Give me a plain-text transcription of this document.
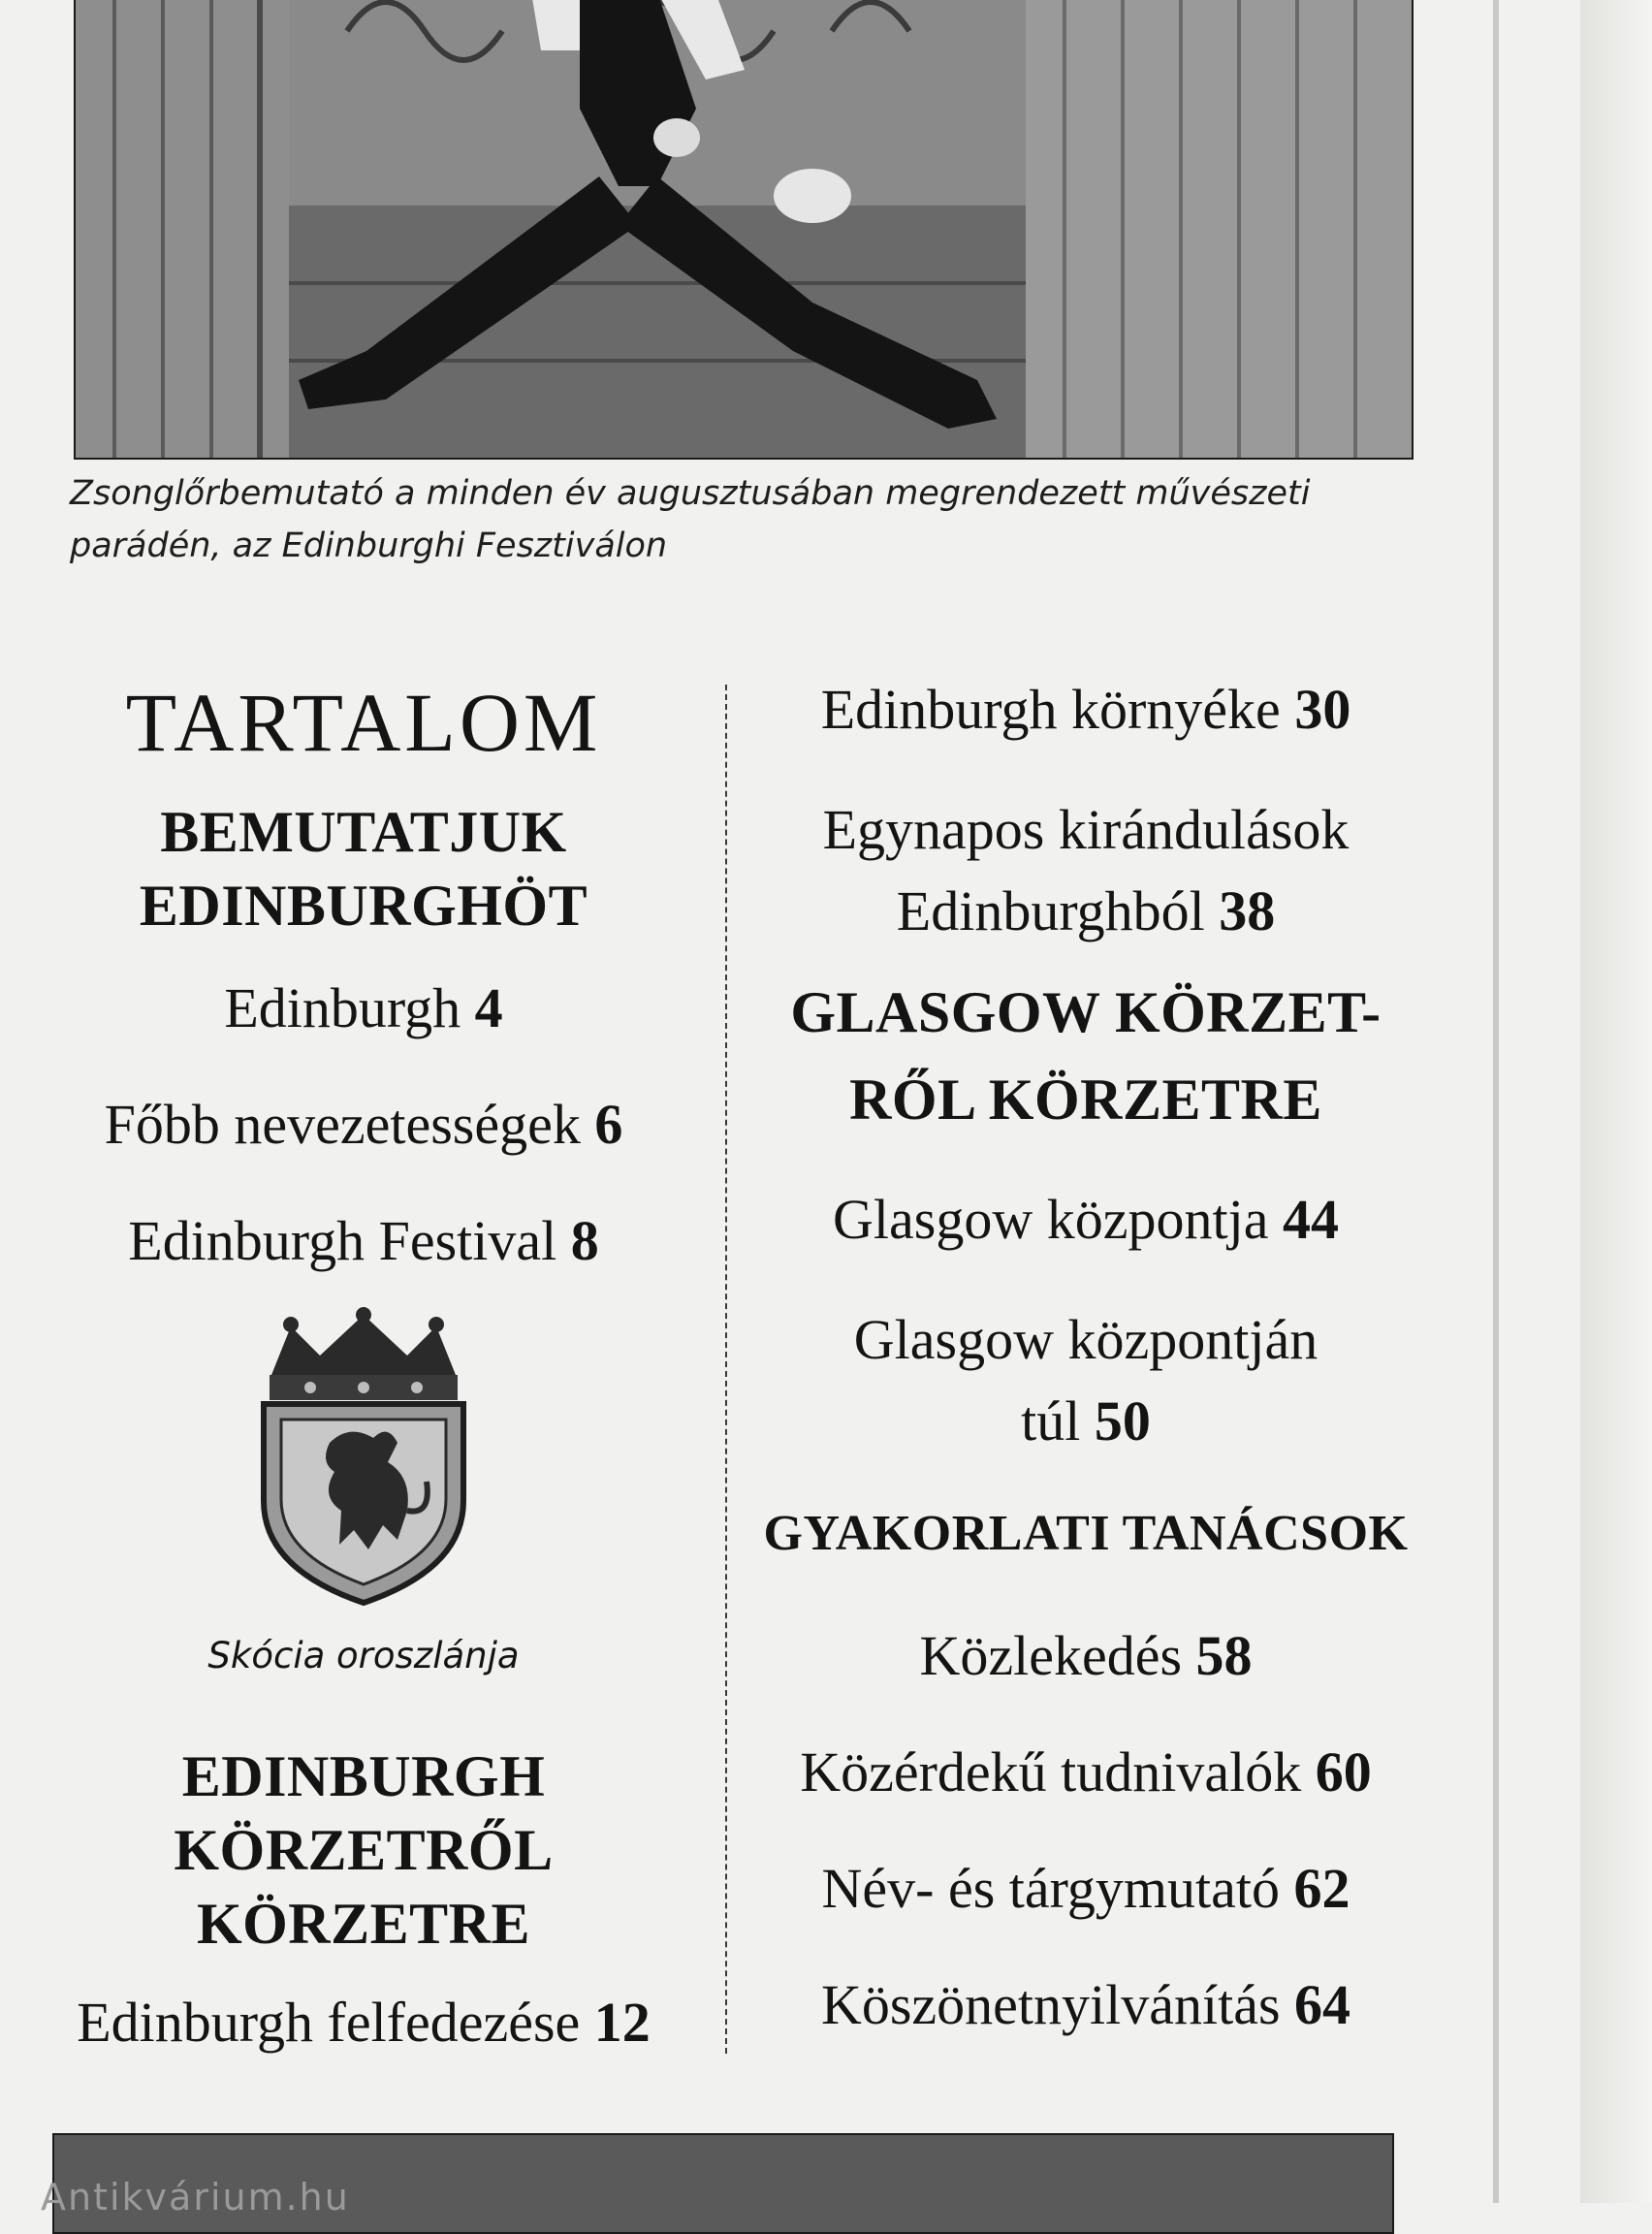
Zsonglőrbemutató a minden év augusztusában megrendezett művészeti parádén, az Edinburghi Fesztiválon
TARTALOM
BEMUTATJUK
EDINBURGHÖT
Edinburgh 4
Főbb nevezetességek 6
Edinburgh Festival 8
Skócia oroszlánja
EDINBURGH
KÖRZETRŐL KÖRZETRE
Edinburgh felfedezése 12
Edinburgh környéke 30
Egynapos kirándulások
Edinburghból 38
GLASGOW KÖRZET-
RŐL KÖRZETRE
Glasgow központja 44
Glasgow központján
túl 50
GYAKORLATI TANÁCSOK
Közlekedés 58
Közérdekű tudnivalók 60
Név- és tárgymutató 62
Köszönetnyilvánítás 64
Antikvárium.hu
